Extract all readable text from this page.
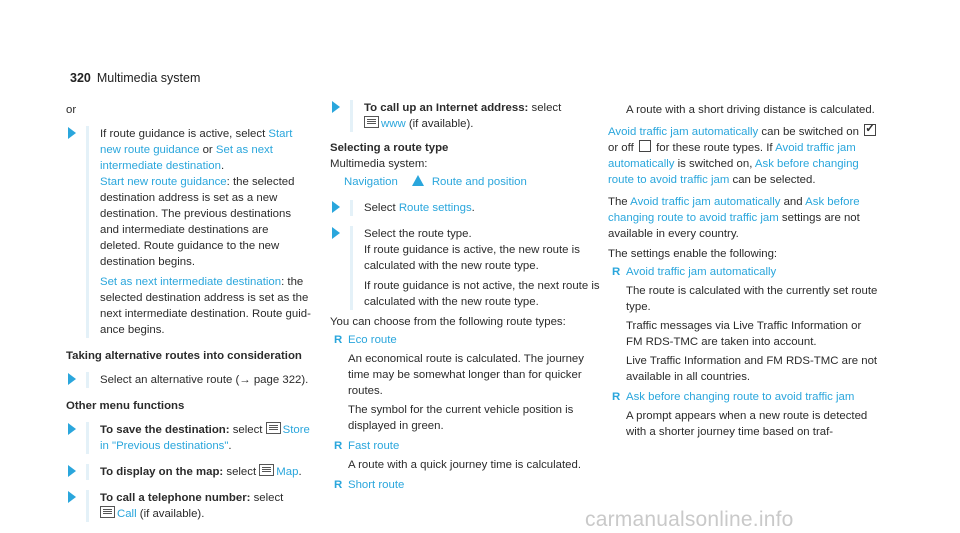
320 Multimedia system

or

If route guidance is active, select Start new route guidance or Set as next intermediate destination.

Start new route guidance: the selected destination address is set as a new destination. The previous destinations and intermediate destinations are deleted. Route guidance to the new destination begins.

Set as next intermediate destination: the selected destination address is set as the next intermediate destination. Route guidance begins.

Taking alternative routes into consideration

Select an alternative route (→ page 322).

Other menu functions

To save the destination: select Store in "Previous destinations".

To display on the map: select Map.

To call a telephone number: select
Call (if available).

To call up an Internet address: select
www (if available).

Selecting a route type

Multimedia system:

Navigation	Route and position

Select Route settings.

Select the route type.

If route guidance is active, the new route is calculated with the new route type.

If route guidance is not active, the next route is calculated with the new route type.

You can choose from the following route types:

R Eco route

An economical route is calculated. The journey time may be somewhat longer than for quicker routes.

The symbol for the current vehicle position is displayed in green.

R Fast route

A route with a quick journey time is calculated.

R Short route

A route with a short driving distance is calculated.

Avoid traffic jam automatically can be switched on ✓ or off  for these route types. If Avoid traffic jam automatically is switched on, Ask before changing route to avoid traffic jam can be selected.

The Avoid traffic jam automatically and Ask before changing route to avoid traffic jam settings are not available in every country.

The settings enable the following:

R Avoid traffic jam automatically

The route is calculated with the currently set route type.

Traffic messages via Live Traffic Information or FM RDS-TMC are taken into account.

Live Traffic Information and FM RDS-TMC are not available in all countries.

R Ask before changing route to avoid traffic jam

A prompt appears when a new route is detected with a shorter journey time based on traf-

carmanualsonline.info
